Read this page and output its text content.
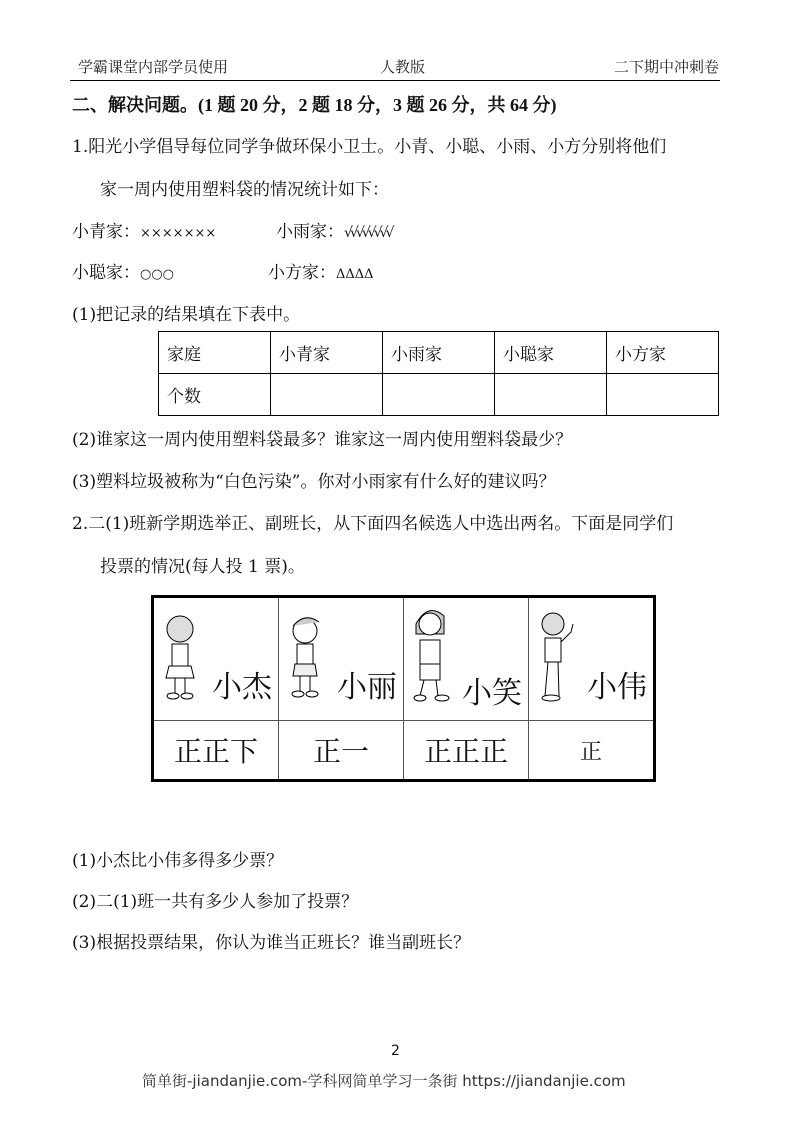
学霸课堂内部学员使用	人教版	二下期中冲刺卷
二、解决问题。(1 题 20 分，2 题 18 分，3 题 26 分，共 64 分)
1.阳光小学倡导每位同学争做环保小卫士。小青、小聪、小雨、小方分别将他们
家一周内使用塑料袋的情况统计如下：
小青家：×××××××	小雨家：√√√√√√√√
小聪家：○○○	小方家：ΔΔΔΔ
(1)把记录的结果填在下表中。
家庭	小青家	小雨家	小聪家	小方家
个数				
(2)谁家这一周内使用塑料袋最多？谁家这一周内使用塑料袋最少？
(3)塑料垃圾被称为“白色污染”。你对小雨家有什么好的建议吗？
2.二(1)班新学期选举正、副班长，从下面四名候选人中选出两名。下面是同学们
投票的情况(每人投 1 票)。
小杰	小丽	小笑	小伟

正正下	正一	正正正	正
(1)小杰比小伟多得多少票？
(2)二(1)班一共有多少人参加了投票？
(3)根据投票结果，你认为谁当正班长？谁当副班长？
2
简单街-jiandanjie.com-学科网简单学习一条街 https://jiandanjie.com
